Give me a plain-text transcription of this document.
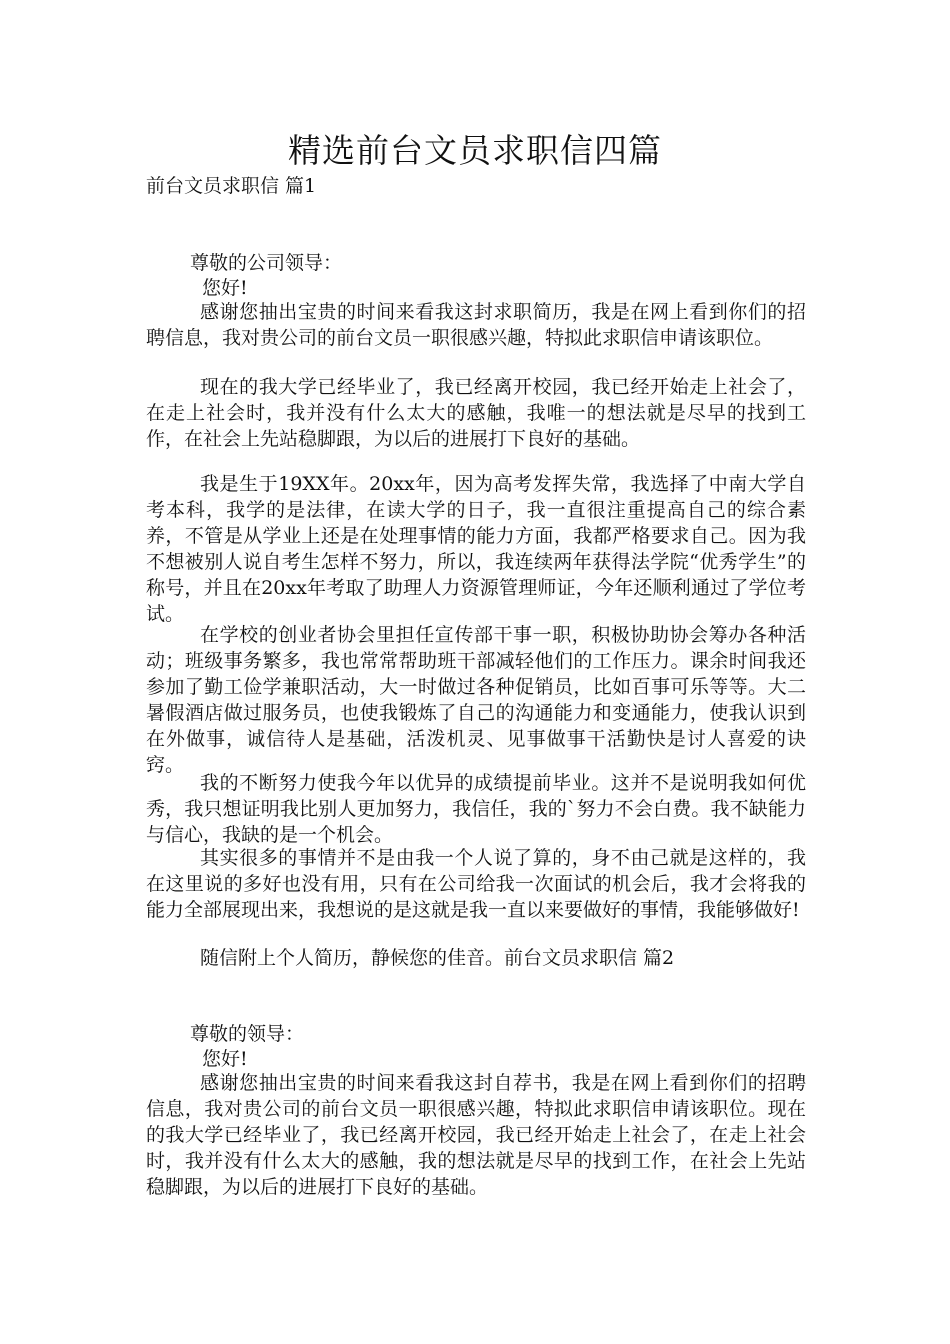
精选前台文员求职信四篇
前台文员求职信 篇1
尊敬的公司领导：
您好!
感谢您抽出宝贵的时间来看我这封求职简历，我是在网上看到你们的招聘信息，我对贵公司的前台文员一职很感兴趣，特拟此求职信申请该职位。
现在的我大学已经毕业了，我已经离开校园，我已经开始走上社会了，在走上社会时，我并没有什么太大的感触，我唯一的想法就是尽早的找到工作，在社会上先站稳脚跟，为以后的进展打下良好的基础。
我是生于19XX年。20xx年，因为高考发挥失常，我选择了中南大学自考本科，我学的是法律，在读大学的日子，我一直很注重提高自己的综合素养，不管是从学业上还是在处理事情的能力方面，我都严格要求自己。因为我不想被别人说自考生怎样不努力，所以，我连续两年获得法学院“优秀学生”的称号，并且在20xx年考取了助理人力资源管理师证，今年还顺利通过了学位考试。
在学校的创业者协会里担任宣传部干事一职，积极协助协会筹办各种活动；班级事务繁多，我也常常帮助班干部减轻他们的工作压力。课余时间我还参加了勤工俭学兼职活动，大一时做过各种促销员，比如百事可乐等等。大二暑假酒店做过服务员，也使我锻炼了自己的沟通能力和变通能力，使我认识到在外做事，诚信待人是基础，活泼机灵、见事做事干活勤快是讨人喜爱的诀窍。
我的不断努力使我今年以优异的成绩提前毕业。这并不是说明我如何优秀，我只想证明我比别人更加努力，我信任，我的`努力不会白费。我不缺能力与信心，我缺的是一个机会。
其实很多的事情并不是由我一个人说了算的，身不由己就是这样的，我在这里说的多好也没有用，只有在公司给我一次面试的机会后，我才会将我的能力全部展现出来，我想说的是这就是我一直以来要做好的事情，我能够做好!
随信附上个人简历，静候您的佳音。前台文员求职信 篇2
尊敬的领导：
您好!
感谢您抽出宝贵的时间来看我这封自荐书，我是在网上看到你们的招聘信息，我对贵公司的前台文员一职很感兴趣，特拟此求职信申请该职位。现在的我大学已经毕业了，我已经离开校园，我已经开始走上社会了，在走上社会时，我并没有什么太大的感触，我的想法就是尽早的找到工作，在社会上先站稳脚跟，为以后的进展打下良好的基础。
